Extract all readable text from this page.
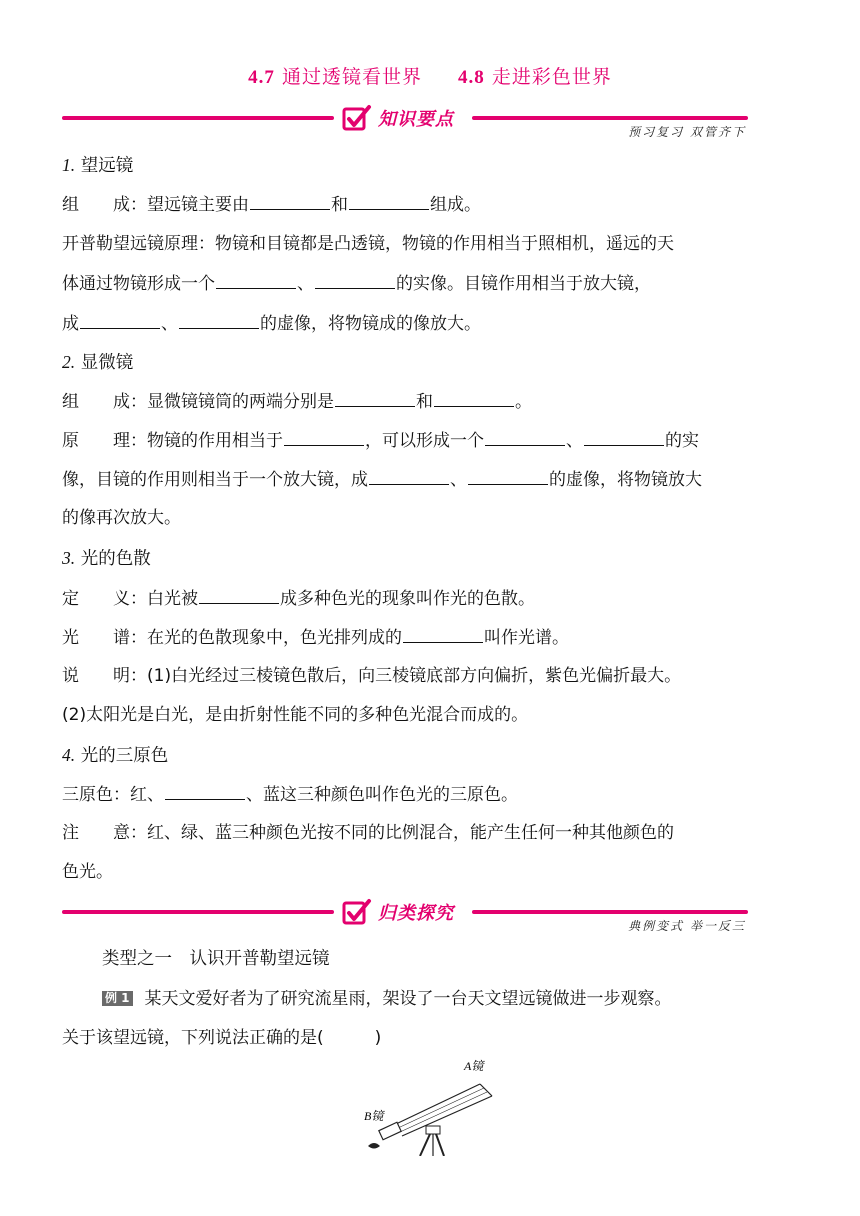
4.7 通过透镜看世界 4.8 走进彩色世界
知识要点
预习复习 双管齐下
1. 望远镜
组　　成：望远镜主要由	和	组成。
开普勒望远镜原理：物镜和目镜都是凸透镜，物镜的作用相当于照相机，遥远的天
体通过物镜形成一个	、	的实像。目镜作用相当于放大镜，
成	、	的虚像，将物镜成的像放大。
2. 显微镜
组　　成：显微镜镜筒的两端分别是	和	。
原　　理：物镜的作用相当于	，可以形成一个	、	的实
像，目镜的作用则相当于一个放大镜，成	、	的虚像，将物镜放大
的像再次放大。
3. 光的色散
定　　义：白光被	成多种色光的现象叫作光的色散。
光　　谱：在光的色散现象中，色光排列成的	叫作光谱。
说　　明：(1)白光经过三棱镜色散后，向三棱镜底部方向偏折，紫色光偏折最大。
(2)太阳光是白光，是由折射性能不同的多种色光混合而成的。
4. 光的三原色
三原色：红、	、蓝这三种颜色叫作色光的三原色。
注　　意：红、绿、蓝三种颜色光按不同的比例混合，能产生任何一种其他颜色的
色光。
归类探究
典例变式 举一反三
类型之一　 认识开普勒望远镜
例 1 某天文爱好者为了研究流星雨，架设了一台天文望远镜做进一步观察。
关于该望远镜，下列说法正确的是(　　　)
A镜
B镜
